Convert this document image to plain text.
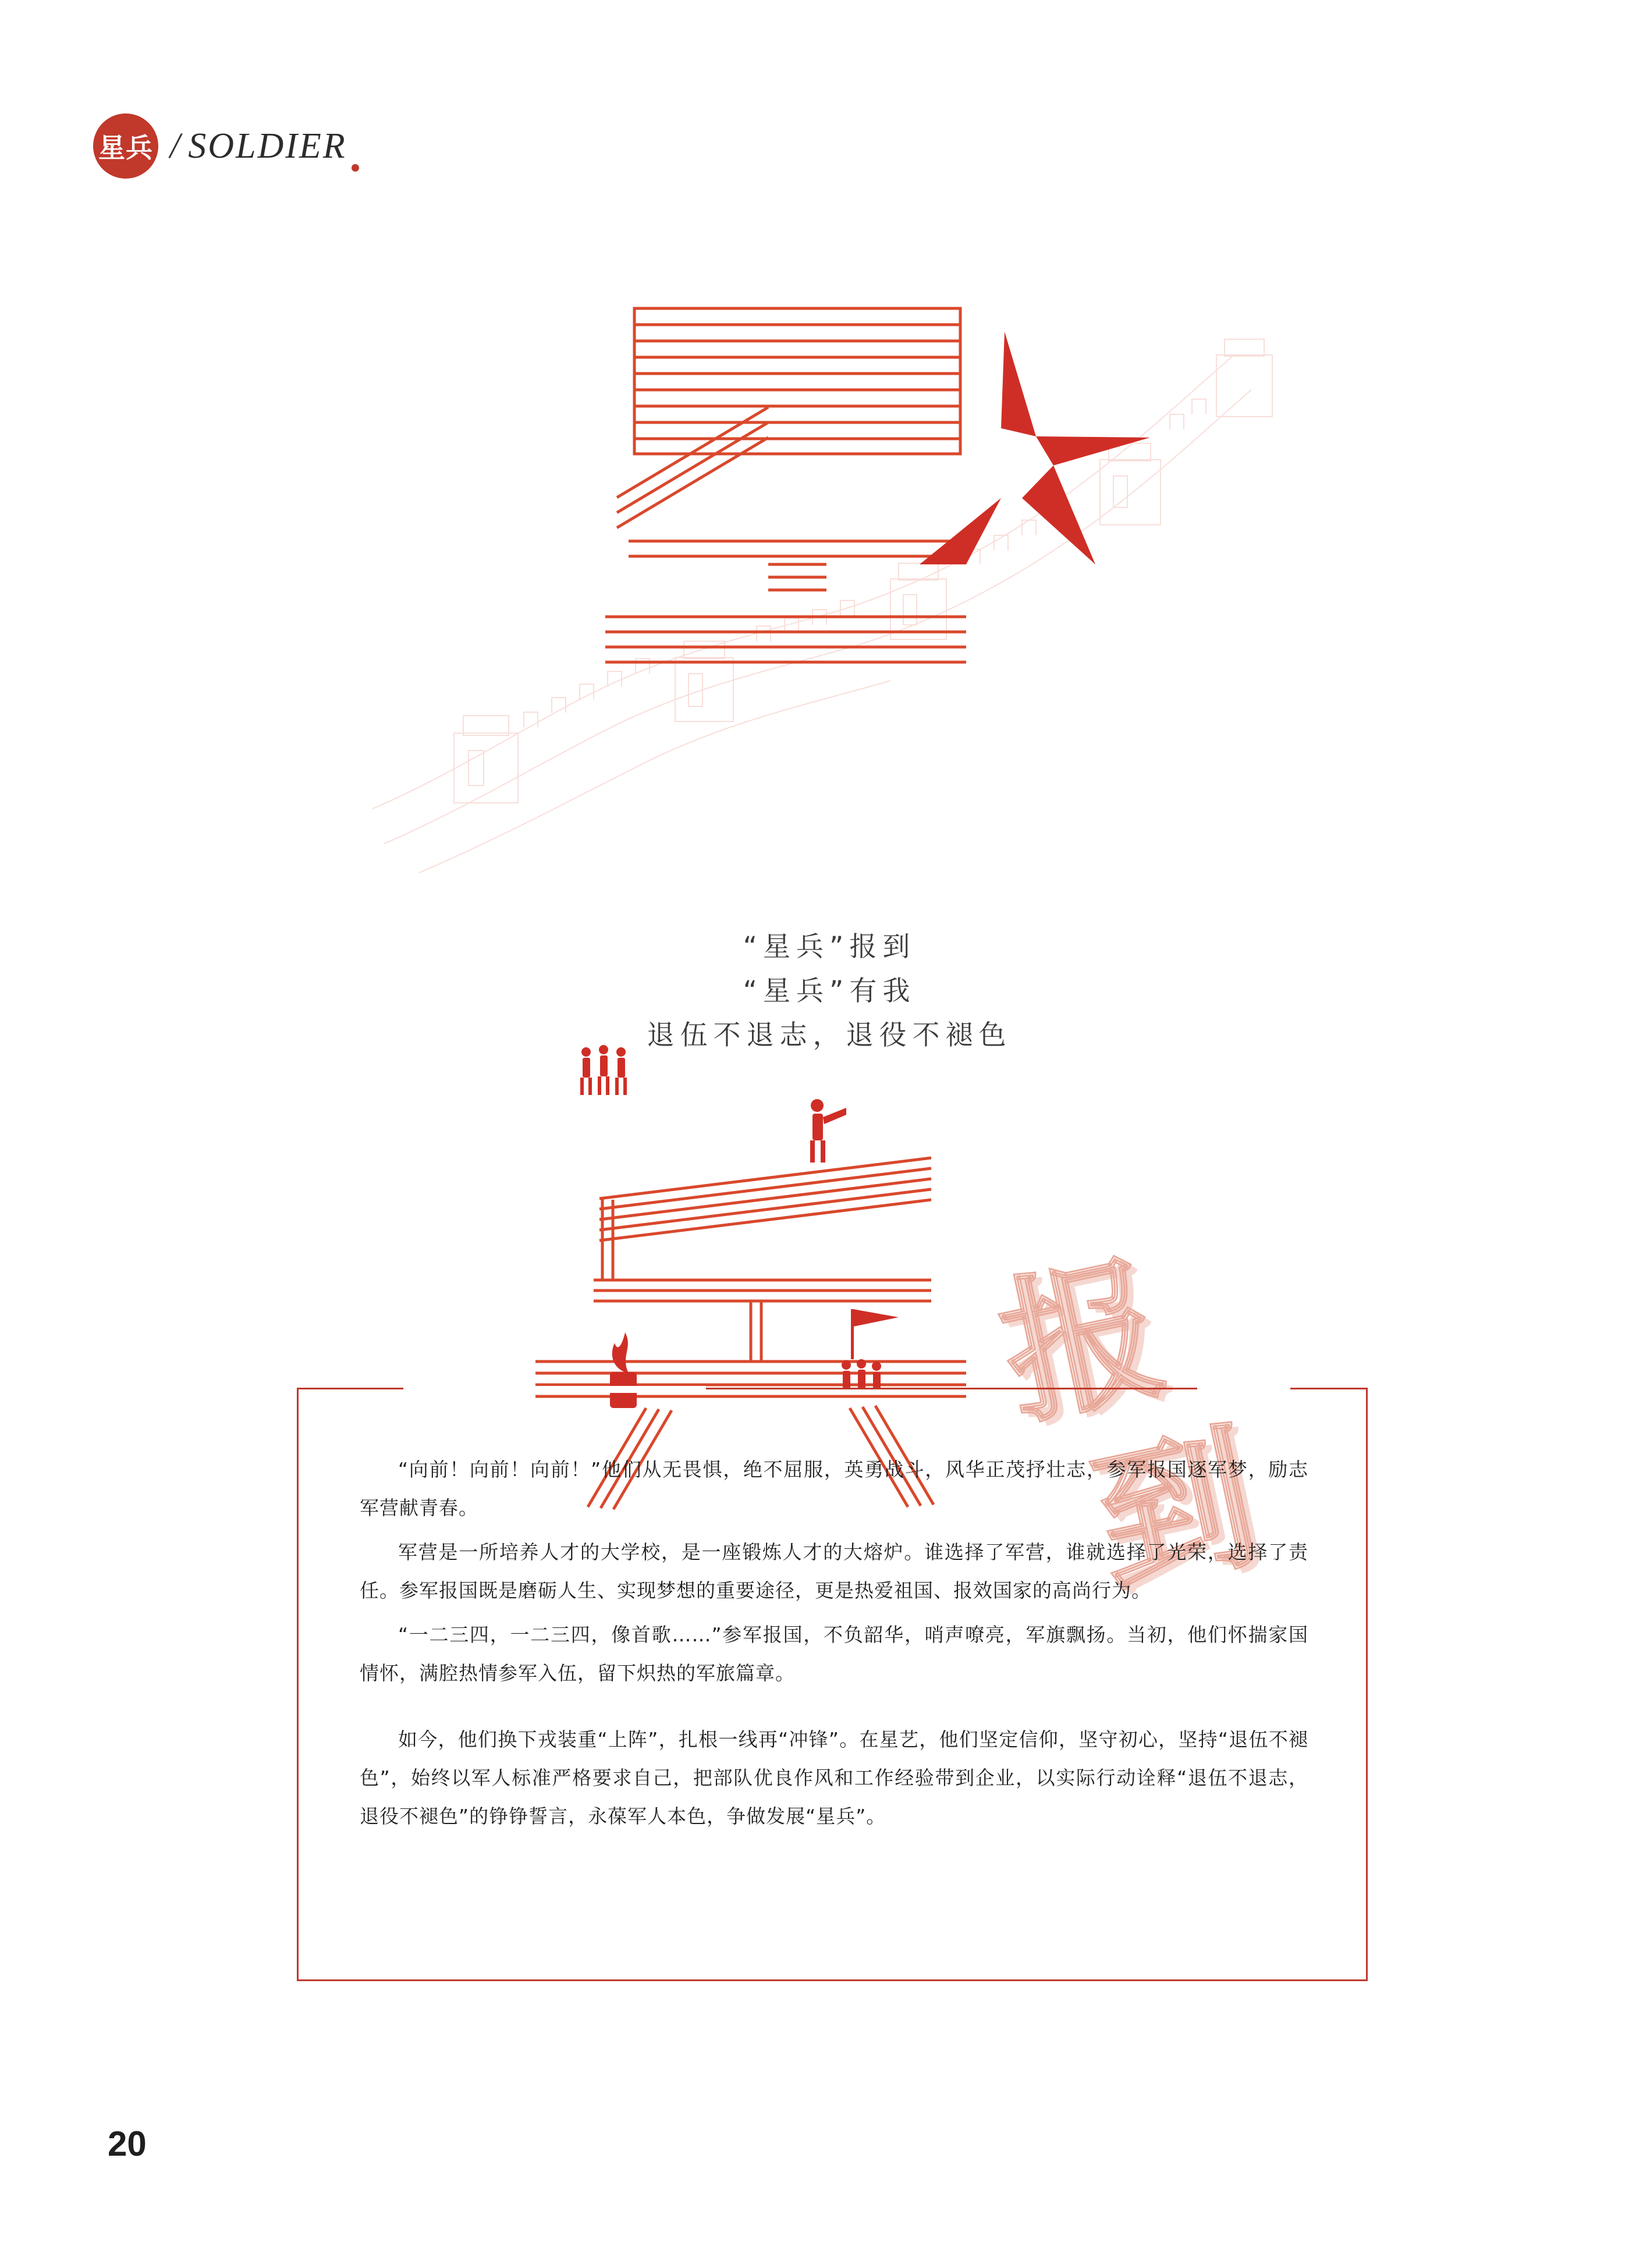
星兵 / SOLDIER
“星兵”报到
“星兵”有我
退伍不退志，退役不褪色
报
到

“向前！向前！向前！”他们从无畏惧，绝不屈服，英勇战斗，风华正茂抒壮志，参军报国逐军梦，励志军营献青春。

军营是一所培养人才的大学校，是一座锻炼人才的大熔炉。谁选择了军营，谁就选择了光荣，选择了责任。参军报国既是磨砺人生、实现梦想的重要途径，更是热爱祖国、报效国家的高尚行为。

“一二三四，一二三四，像首歌……”参军报国，不负韶华，哨声嘹亮，军旗飘扬。当初，他们怀揣家国情怀，满腔热情参军入伍，留下炽热的军旅篇章。

如今，他们换下戎装重“上阵”，扎根一线再“冲锋”。在星艺，他们坚定信仰，坚守初心，坚持“退伍不褪色”，始终以军人标准严格要求自己，把部队优良作风和工作经验带到企业，以实际行动诠释“退伍不退志，退役不褪色”的铮铮誓言，永葆军人本色，争做发展“星兵”。

20
